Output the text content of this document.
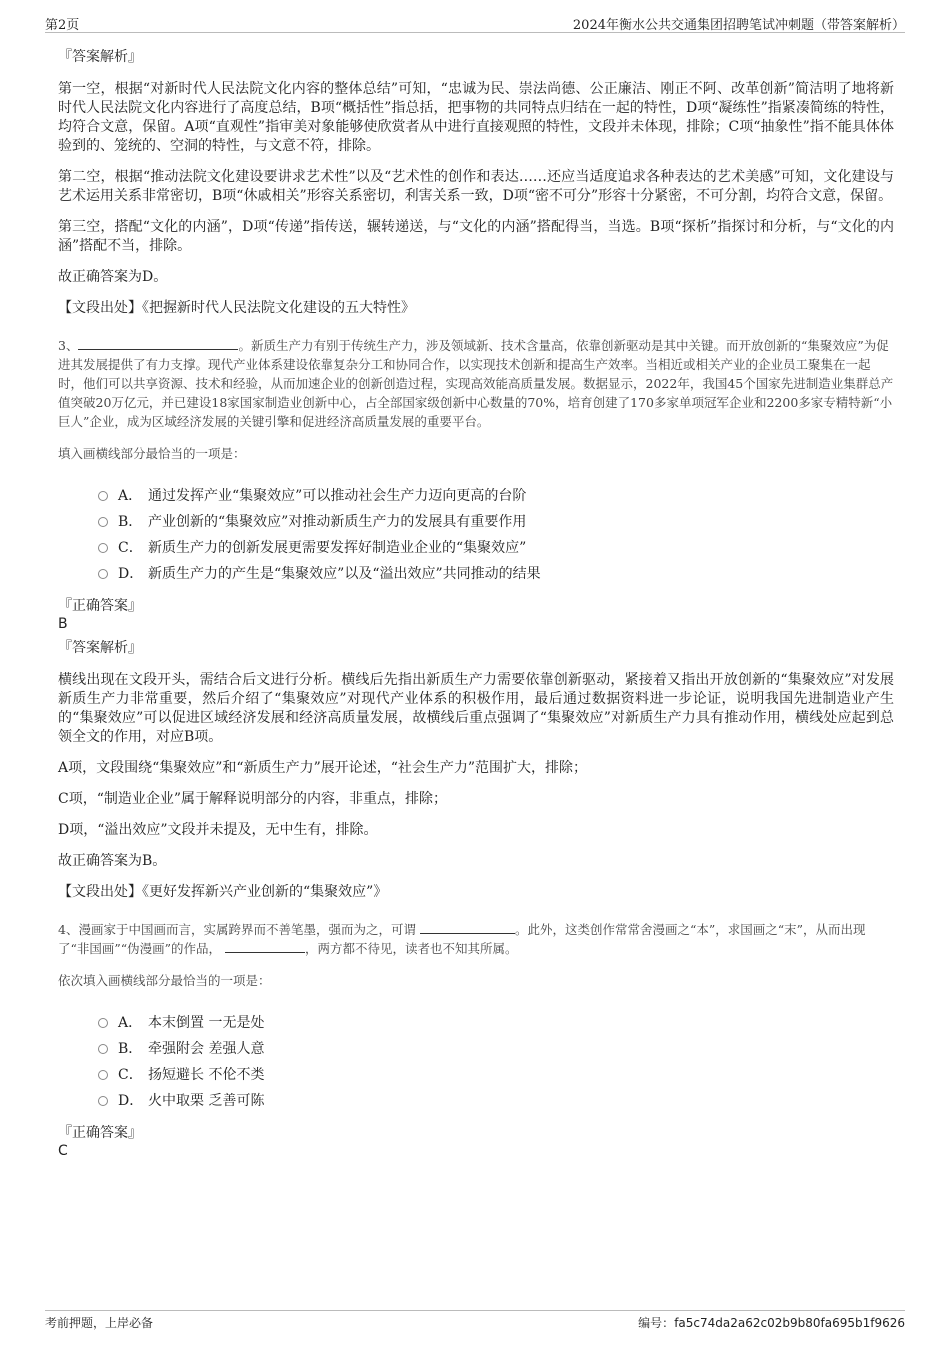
第2页	2024年衡水公共交通集团招聘笔试冲刺题（带答案解析）
『答案解析』

第一空，根据“对新时代人民法院文化内容的整体总结”可知，“忠诚为民、崇法尚德、公正廉洁、刚正不阿、改革创新”简洁明了地将新时代人民法院文化内容进行了高度总结，B项“概括性”指总括，把事物的共同特点归结在一起的特性，D项“凝练性”指紧凑简练的特性，均符合文意，保留。A项“直观性”指审美对象能够使欣赏者从中进行直接观照的特性，文段并未体现，排除；C项“抽象性”指不能具体体验到的、笼统的、空洞的特性，与文意不符，排除。

第二空，根据“推动法院文化建设要讲求艺术性”以及“艺术性的创作和表达……还应当适度追求各种表达的艺术美感”可知，文化建设与艺术运用关系非常密切，B项“休戚相关”形容关系密切，利害关系一致，D项“密不可分”形容十分紧密，不可分割，均符合文意，保留。

第三空，搭配“文化的内涵”，D项“传递”指传送，辗转递送，与“文化的内涵”搭配得当，当选。B项“探析”指探讨和分析，与“文化的内涵”搭配不当，排除。

故正确答案为D。

【文段出处】《把握新时代人民法院文化建设的五大特性》

3、	。新质生产力有别于传统生产力，涉及领域新、技术含量高，依靠创新驱动是其中关键。而开放创新的“集聚效应”为促进其发展提供了有力支撑。现代产业体系建设依靠复杂分工和协同合作，以实现技术创新和提高生产效率。当相近或相关产业的企业员工聚集在一起时，他们可以共享资源、技术和经验，从而加速企业的创新创造过程，实现高效能高质量发展。数据显示，2022年，我国45个国家先进制造业集群总产值突破20万亿元，并已建设18家国家制造业创新中心，占全部国家级创新中心数量的70%，培育创建了170多家单项冠军企业和2200多家专精特新“小巨人”企业，成为区域经济发展的关键引擎和促进经济高质量发展的重要平台。

填入画横线部分最恰当的一项是：
A． 通过发挥产业“集聚效应”可以推动社会生产力迈向更高的台阶
B． 产业创新的“集聚效应”对推动新质生产力的发展具有重要作用
C． 新质生产力的创新发展更需要发挥好制造业企业的“集聚效应”
D． 新质生产力的产生是“集聚效应”以及“溢出效应”共同推动的结果
『正确答案』
B
『答案解析』

横线出现在文段开头，需结合后文进行分析。横线后先指出新质生产力需要依靠创新驱动，紧接着又指出开放创新的“集聚效应”对发展新质生产力非常重要，然后介绍了“集聚效应”对现代产业体系的积极作用，最后通过数据资料进一步论证，说明我国先进制造业产生的“集聚效应”可以促进区域经济发展和经济高质量发展，故横线后重点强调了“集聚效应”对新质生产力具有推动作用，横线处应起到总领全文的作用，对应B项。

A项，文段围绕“集聚效应”和“新质生产力”展开论述，“社会生产力”范围扩大，排除；

C项，“制造业企业”属于解释说明部分的内容，非重点，排除；

D项，“溢出效应”文段并未提及，无中生有，排除。

故正确答案为B。

【文段出处】《更好发挥新兴产业创新的“集聚效应”》

4、漫画家于中国画而言，实属跨界而不善笔墨，强而为之，可谓	。此外，这类创作常常舍漫画之“本”，求国画之“末”，从而出现了“非国画”“伪漫画”的作品，	，两方都不待见，读者也不知其所属。

依次填入画横线部分最恰当的一项是：
A． 本末倒置 一无是处
B． 牵强附会 差强人意
C． 扬短避长 不伦不类
D． 火中取栗 乏善可陈
『正确答案』
C
考前押题，上岸必备	编号：fa5c74da2a62c02b9b80fa695b1f9626
